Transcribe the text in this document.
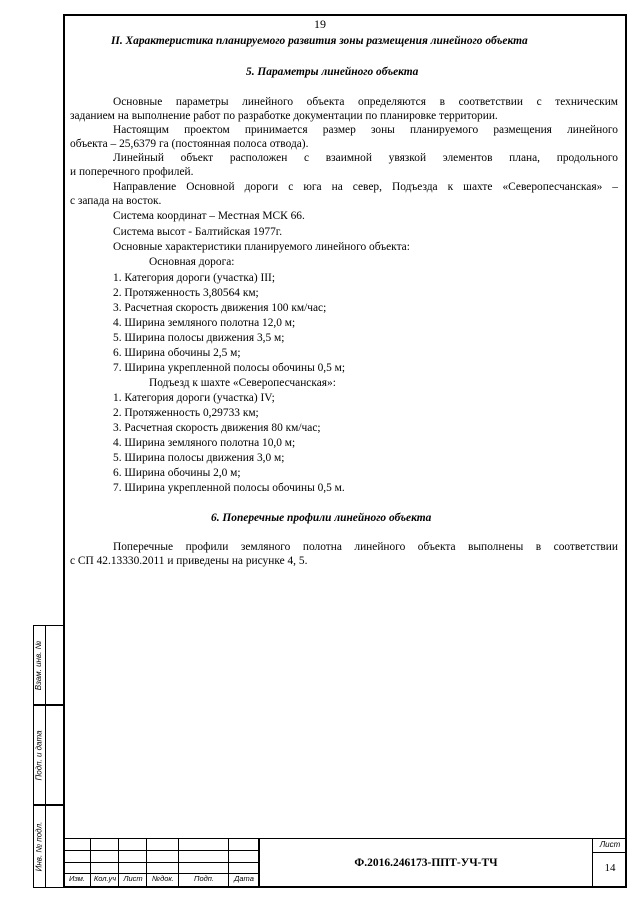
19
II. Характеристика планируемого развития зоны размещения линейного объекта
5. Параметры линейного объекта
Основные параметры линейного объекта определяются в соответствии с техническим
заданием на выполнение работ по разработке документации по планировке территории.
Настоящим проектом принимается размер зоны планируемого размещения линейного
объекта – 25,6379 га (постоянная полоса отвода).
Линейный объект расположен с взаимной увязкой элементов плана, продольного
и поперечного профилей.
Направление Основной дороги с юга на север, Подъезда к шахте «Северопесчанская» –
с запада на восток.
Система координат – Местная МСК 66.
Система высот - Балтийская 1977г.
Основные характеристики планируемого линейного объекта:
Основная дорога:
1. Категория дороги (участка) III;
2. Протяженность 3,80564 км;
3. Расчетная скорость движения 100 км/час;
4. Ширина земляного полотна 12,0 м;
5. Ширина полосы движения 3,5 м;
6. Ширина обочины 2,5 м;
7. Ширина укрепленной полосы обочины 0,5 м;
Подъезд к шахте «Северопесчанская»:
1. Категория дороги (участка) IV;
2. Протяженность 0,29733 км;
3. Расчетная скорость движения 80 км/час;
4. Ширина земляного полотна 10,0 м;
5. Ширина полосы движения 3,0 м;
6. Ширина обочины 2,0 м;
7. Ширина укрепленной полосы обочины 0,5 м.
6. Поперечные профили линейного объекта
Поперечные профили земляного полотна линейного объекта выполнены в соответствии
с СП 42.13330.2011 и приведены на рисунке 4, 5.
Взам. инв. №
Подп. и дата
Инв. № подл.
Изм.	Кол.уч Лист	№док.	Подп.	Дата
Ф.2016.246173-ППТ-УЧ-ТЧ
Лист
14
